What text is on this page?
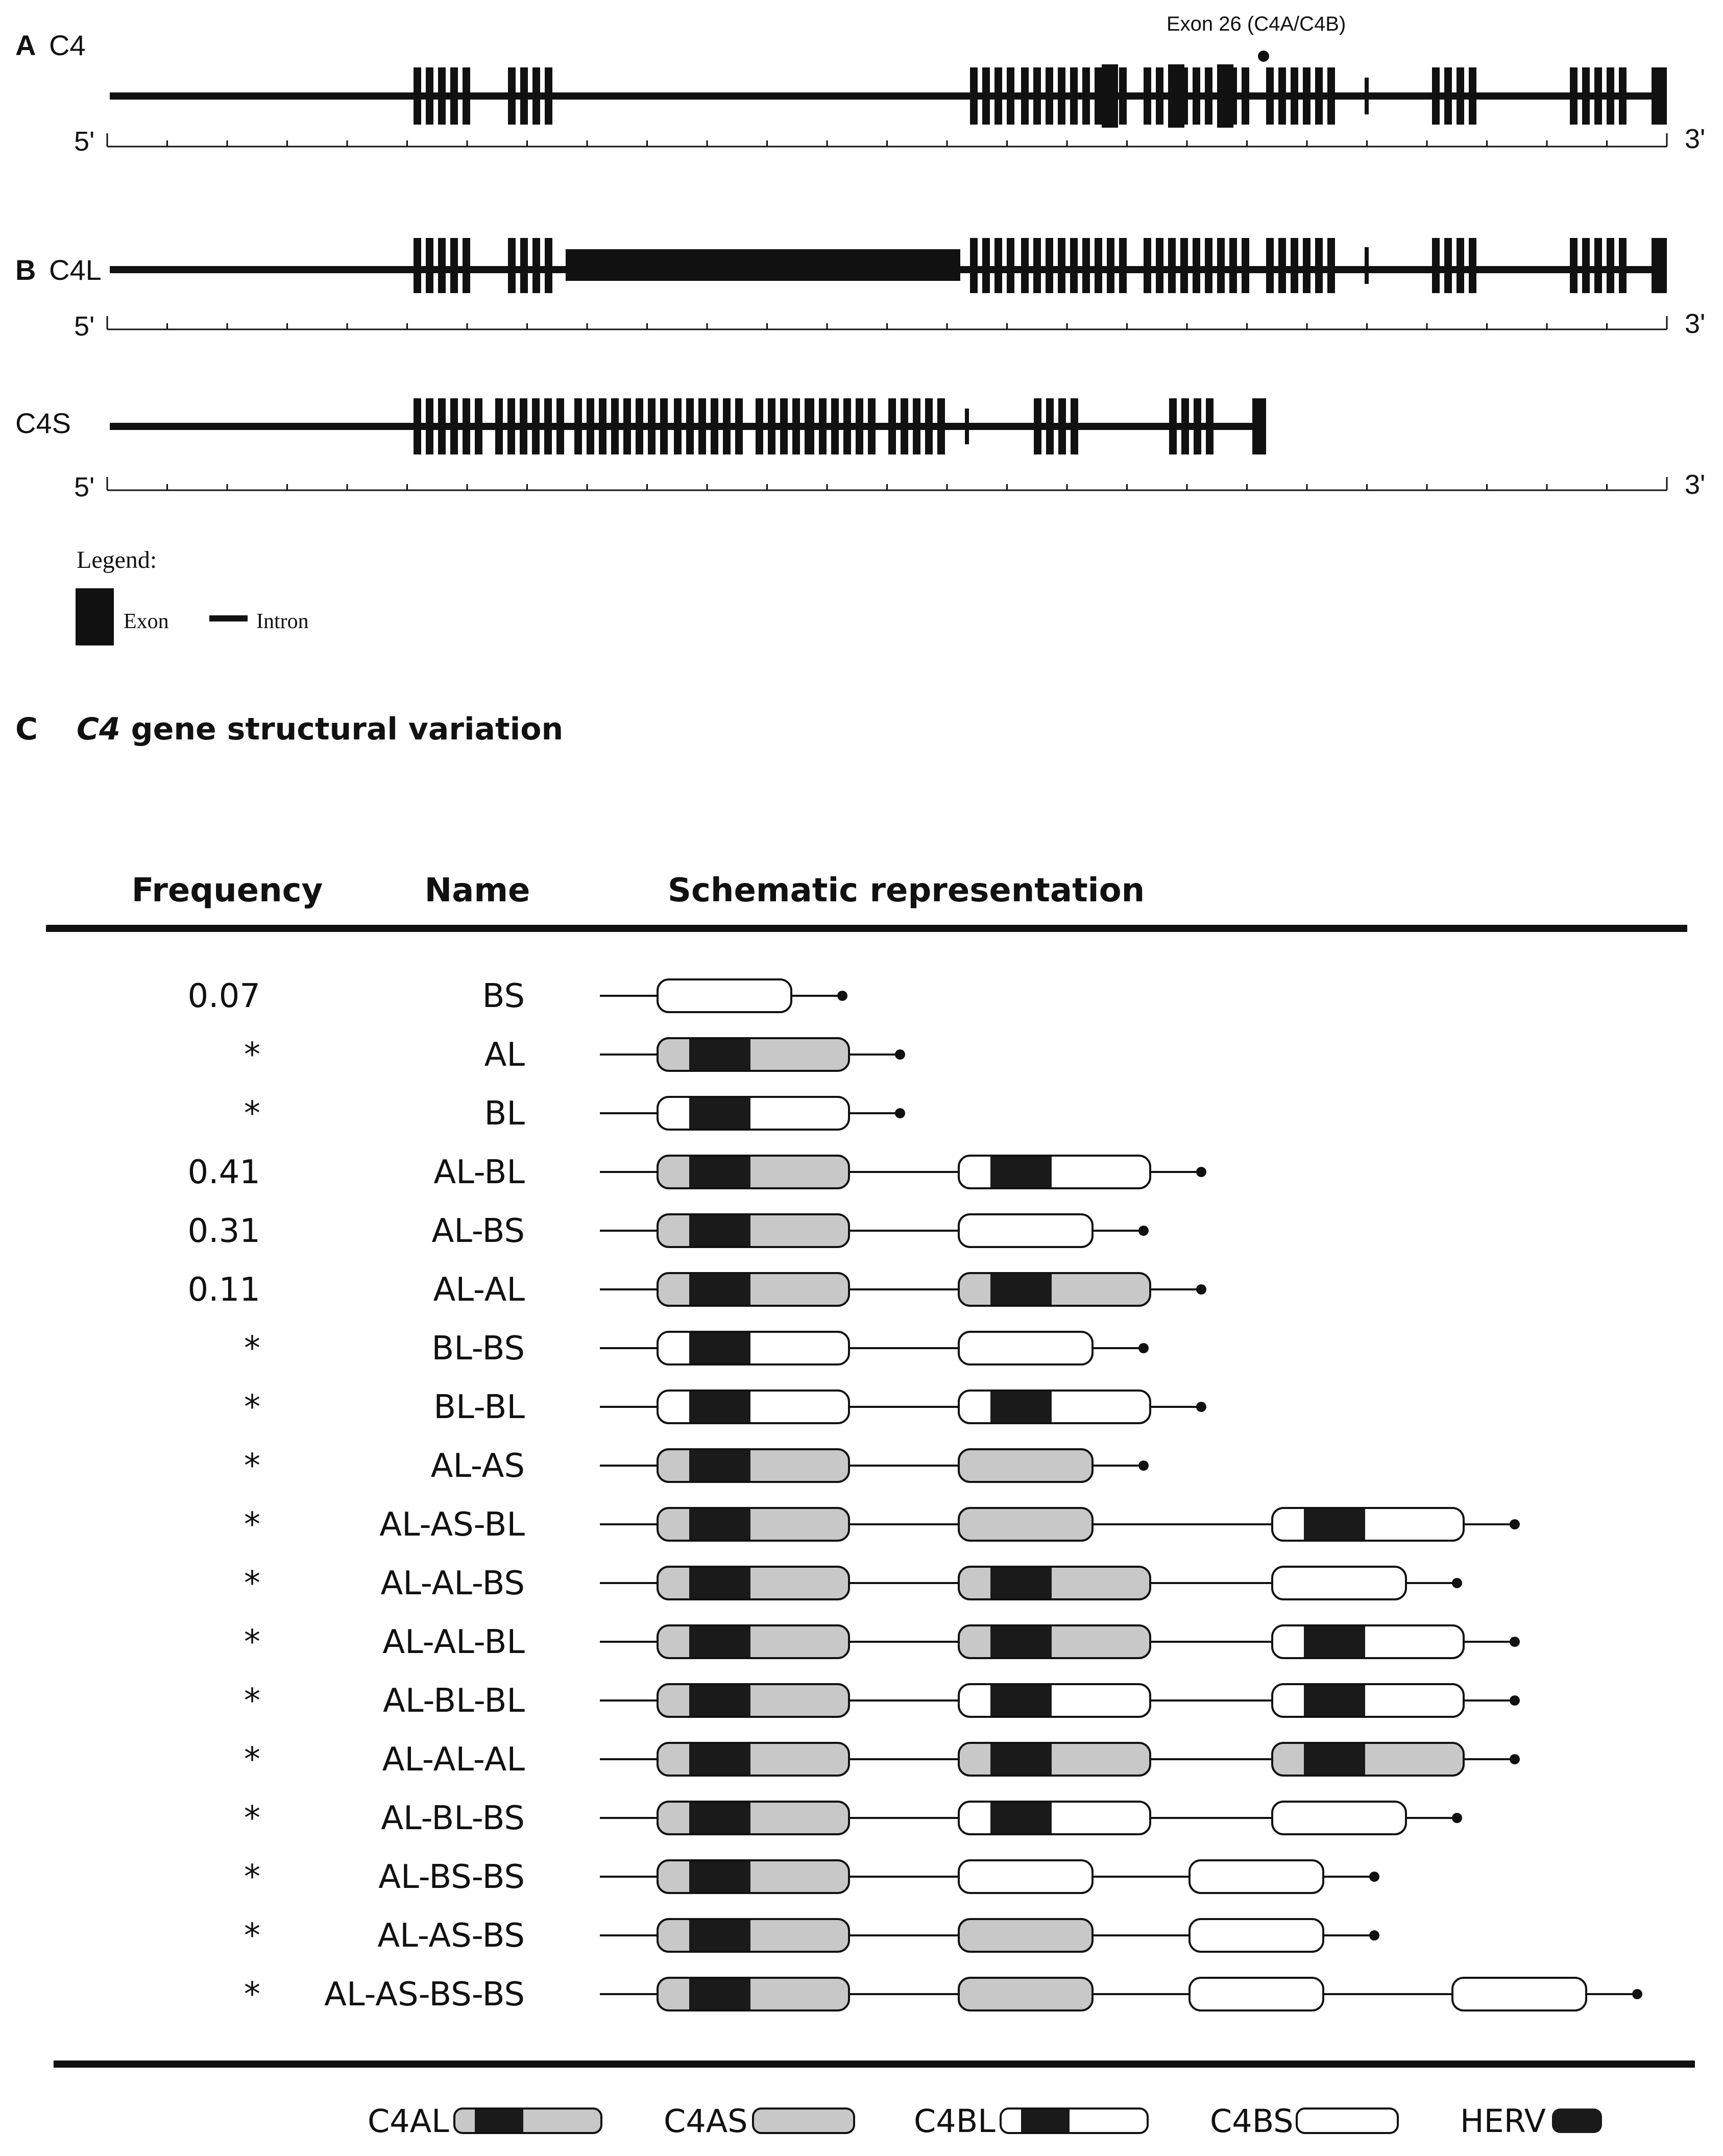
A C4
Exon 26 (C4A/C4B)
5'	3'
B C4L
5'	3'
C4S
5'	3'
Legend:
Exon	Intron
C C4 gene structural variation
Frequency	Name	Schematic representation
0.07	BS
*	AL
*	BL
0.41	AL-BL
0.31	AL-BS
0.11	AL-AL
*	BL-BS
*	BL-BL
*	AL-AS
*	AL-AS-BL
*	AL-AL-BS
*	AL-AL-BL
*	AL-BL-BL
*	AL-AL-AL
*	AL-BL-BS
*	AL-BS-BS
*	AL-AS-BS
* AL-AS-BS-BS
C4AL	C4AS	C4BL	C4BS	HERV
